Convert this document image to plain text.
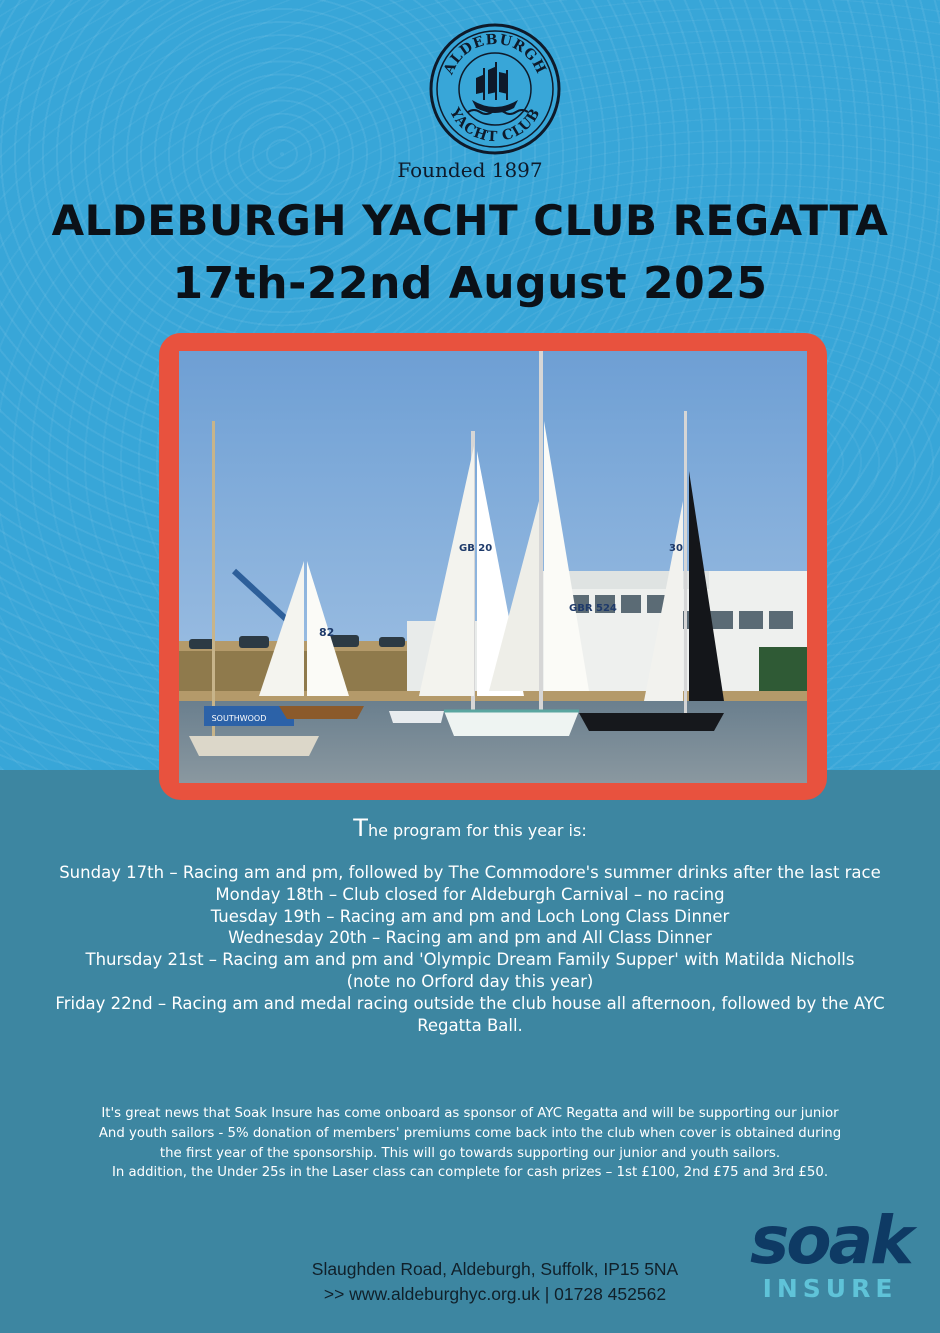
ALDEBURGH
YACHT CLUB
Founded 1897
ALDEBURGH YACHT CLUB REGATTA
17th-22nd August 2025
SOUTHWOOD
82
GB 20
GBR 524
30
The program for this year is:
Sunday 17th – Racing am and pm, followed by The Commodore's summer drinks after the last race
Monday 18th – Club closed for Aldeburgh Carnival – no racing
Tuesday 19th – Racing am and pm and Loch Long Class Dinner
Wednesday 20th – Racing am and pm and All Class Dinner
Thursday 21st – Racing am and pm and 'Olympic Dream Family Supper' with Matilda Nicholls
(note no Orford day this year)
Friday 22nd – Racing am and medal racing outside the club house all afternoon, followed by the AYC Regatta Ball.
It's great news that Soak Insure has come onboard as sponsor of AYC Regatta and will be supporting our junior
And youth sailors - 5% donation of members' premiums come back into the club when cover is obtained during
the first year of the sponsorship. This will go towards supporting our junior and youth sailors.
In addition, the Under 25s in the Laser class can complete for cash prizes – 1st £100, 2nd £75 and 3rd £50.
Slaughden Road, Aldeburgh, Suffolk, IP15 5NA
>> www.aldeburghyc.org.uk | 01728 452562
soak
INSURE
